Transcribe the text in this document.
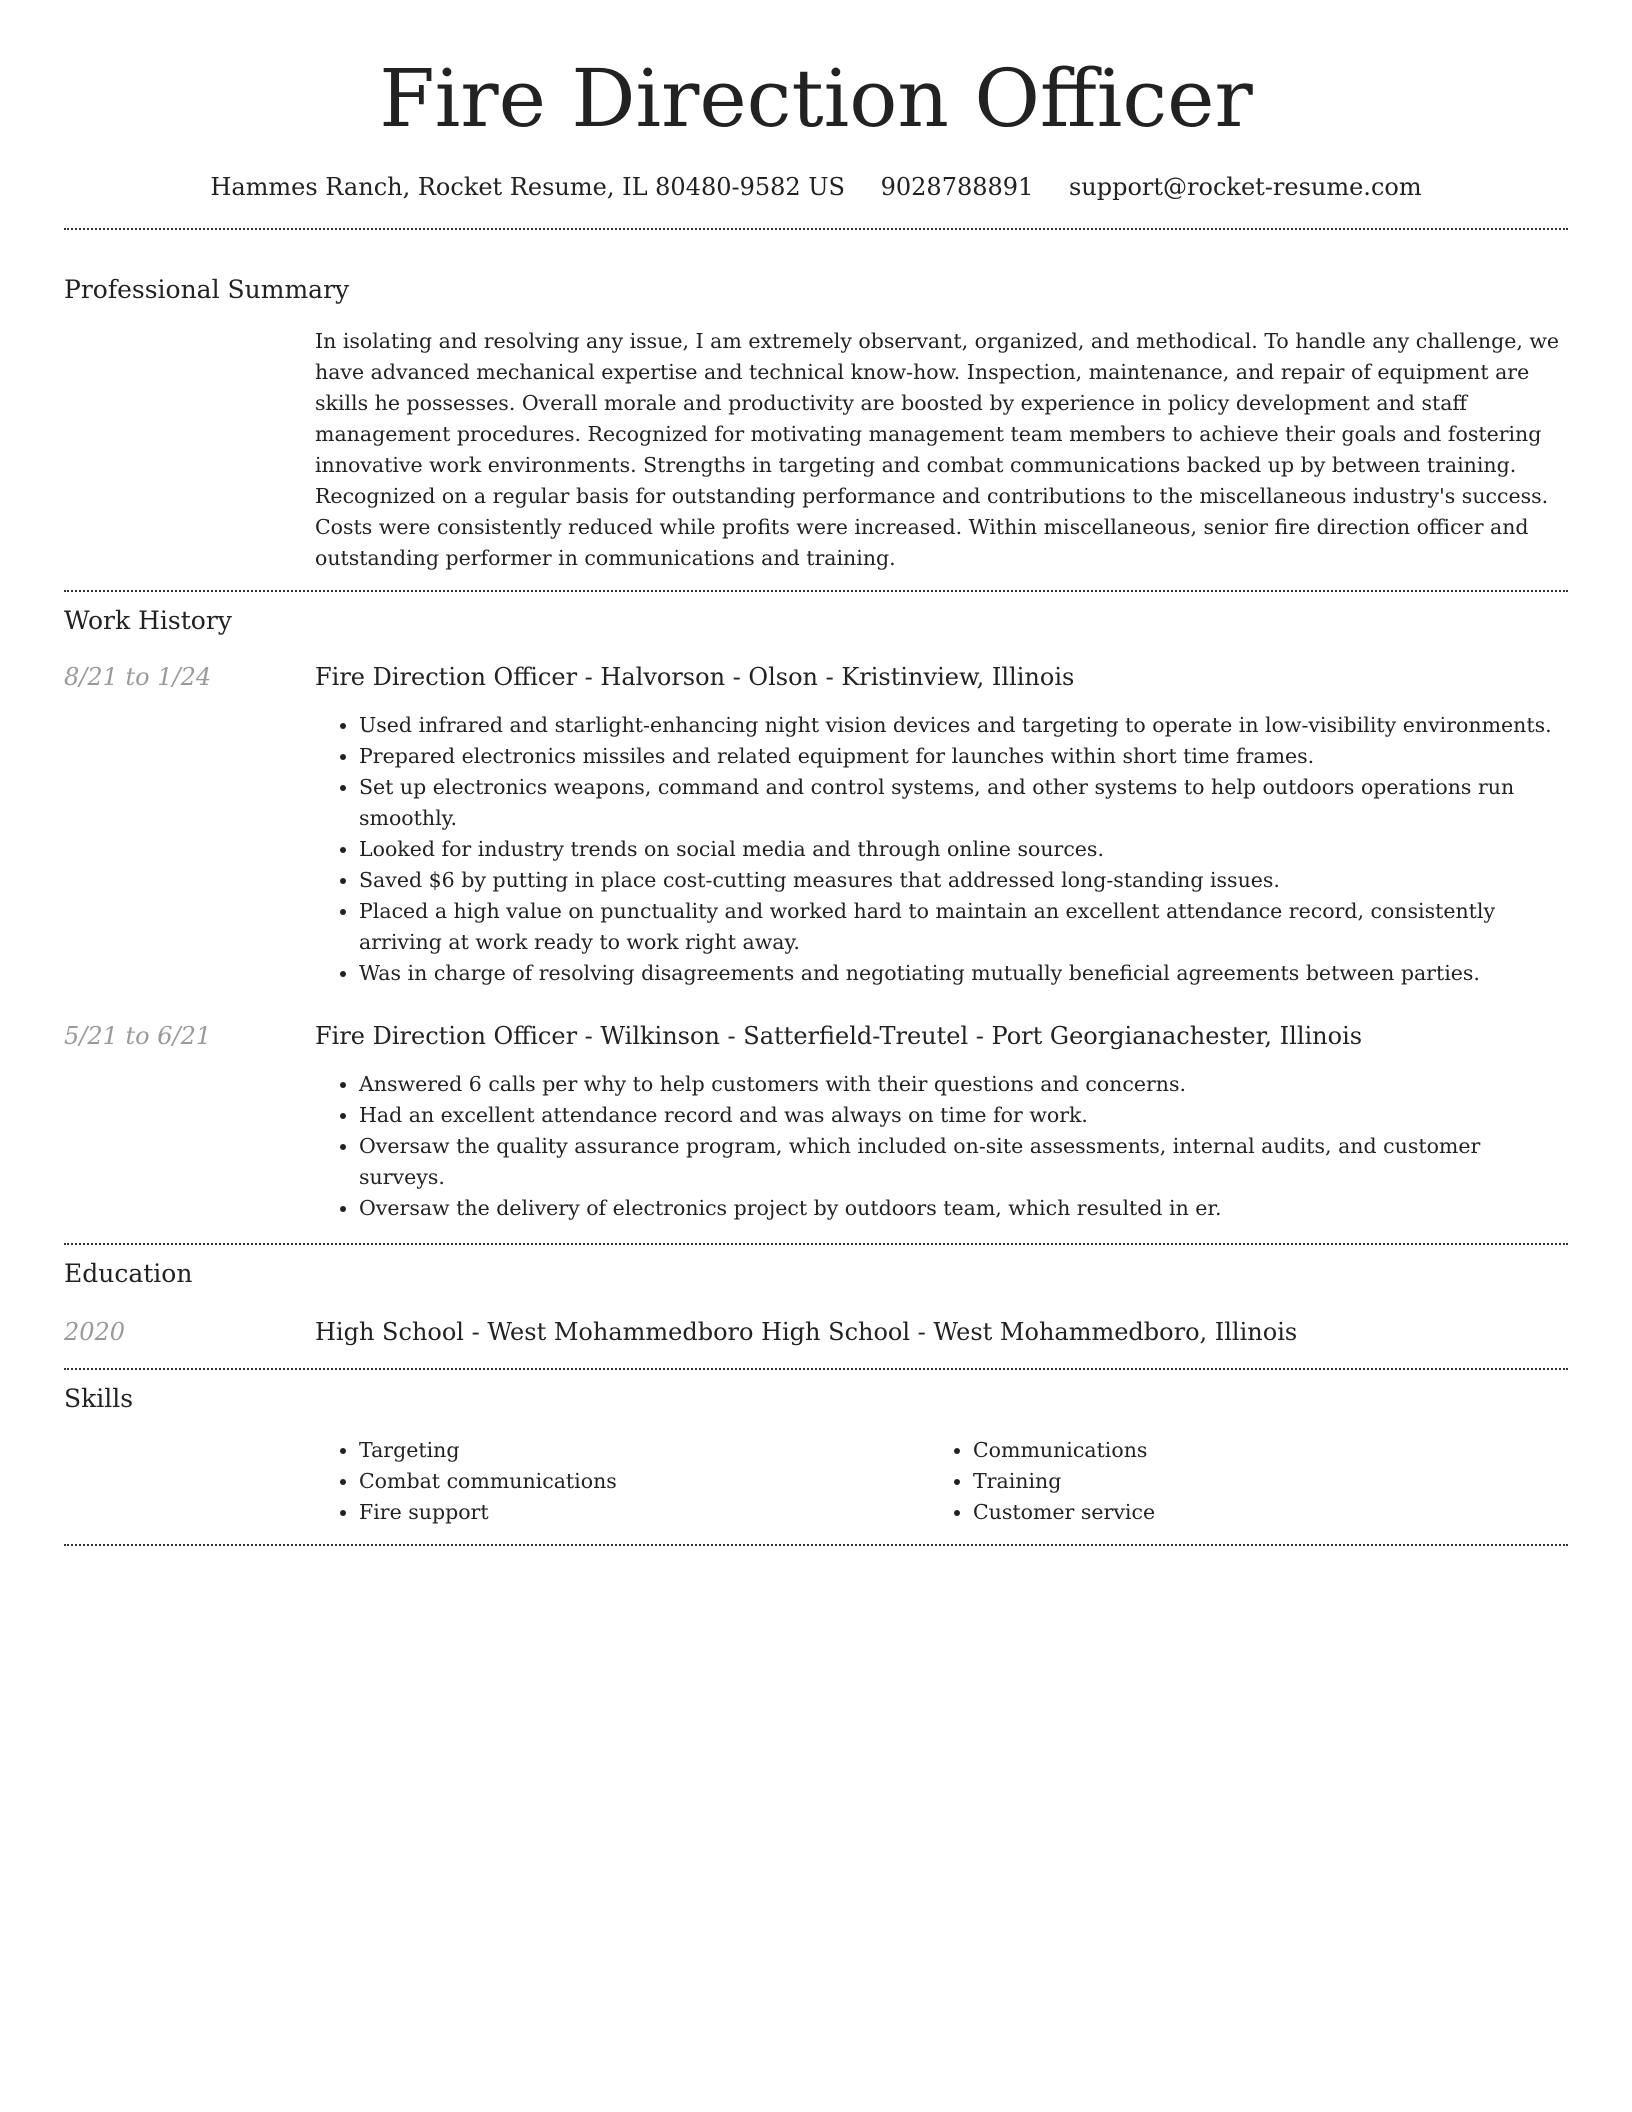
Fire Direction Officer
Hammes Ranch, Rocket Resume, IL 80480-9582 US 9028788891 support@rocket-resume.com
Professional Summary
In isolating and resolving any issue, I am extremely observant, organized, and methodical. To handle any challenge, we have advanced mechanical expertise and technical know-how. Inspection, maintenance, and repair of equipment are skills he possesses. Overall morale and productivity are boosted by experience in policy development and staff management procedures. Recognized for motivating management team members to achieve their goals and fostering innovative work environments. Strengths in targeting and combat communications backed up by between training. Recognized on a regular basis for outstanding performance and contributions to the miscellaneous industry's success. Costs were consistently reduced while profits were increased. Within miscellaneous, senior fire direction officer and outstanding performer in communications and training.
Work History
8/21 to 1/24	Fire Direction Officer - Halvorson - Olson - Kristinview, Illinois
• Used infrared and starlight-enhancing night vision devices and targeting to operate in low-visibility environments.
• Prepared electronics missiles and related equipment for launches within short time frames.
• Set up electronics weapons, command and control systems, and other systems to help outdoors operations run smoothly.
• Looked for industry trends on social media and through online sources.
• Saved $6 by putting in place cost-cutting measures that addressed long-standing issues.
• Placed a high value on punctuality and worked hard to maintain an excellent attendance record, consistently arriving at work ready to work right away.
• Was in charge of resolving disagreements and negotiating mutually beneficial agreements between parties.
5/21 to 6/21	Fire Direction Officer - Wilkinson - Satterfield-Treutel - Port Georgianachester, Illinois
• Answered 6 calls per why to help customers with their questions and concerns.
• Had an excellent attendance record and was always on time for work.
• Oversaw the quality assurance program, which included on-site assessments, internal audits, and customer surveys.
• Oversaw the delivery of electronics project by outdoors team, which resulted in er.
Education
2020	High School - West Mohammedboro High School - West Mohammedboro, Illinois
Skills
• Targeting
• Combat communications
• Fire support
• Communications
• Training
• Customer service
